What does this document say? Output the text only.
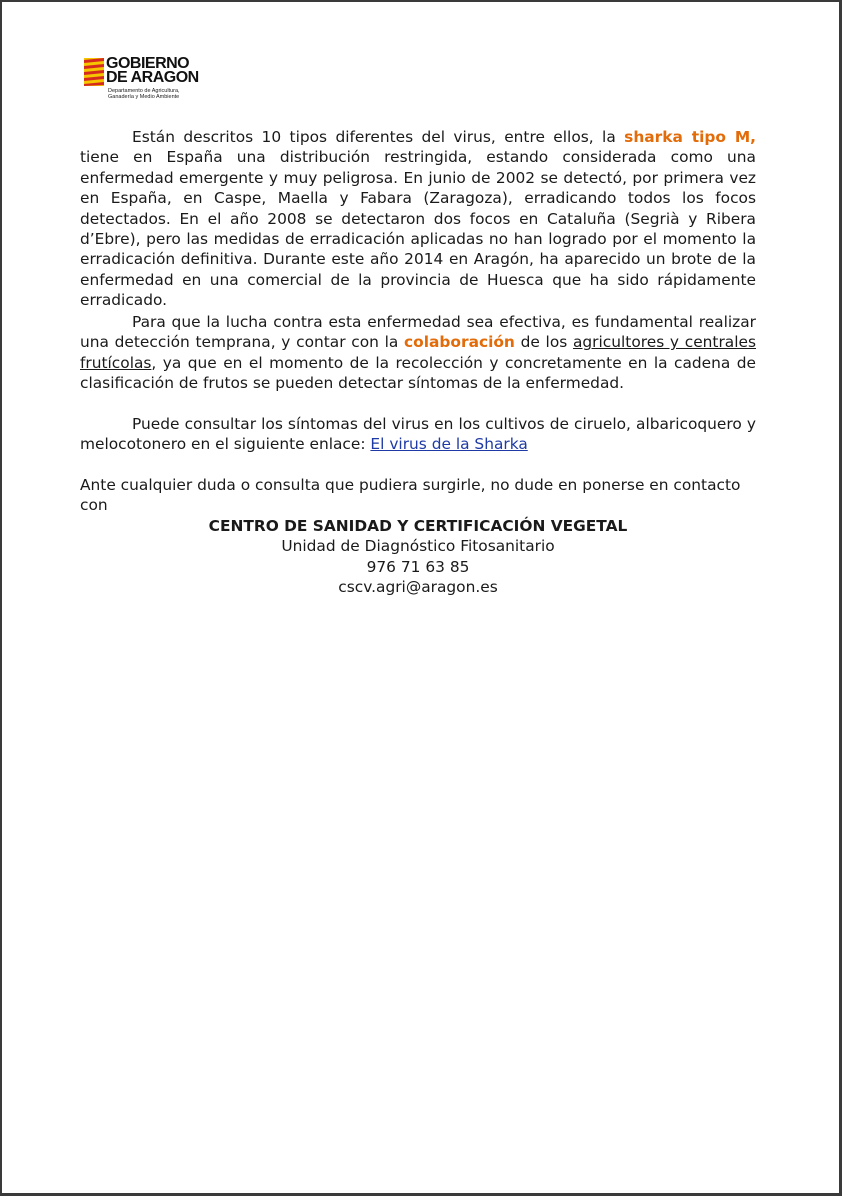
GOBIERNO
DE ARAGON
Departamento de Agricultura,
Ganadería y Medio Ambiente

Están descritos 10 tipos diferentes del virus, entre ellos, la sharka tipo M, tiene en España una distribución restringida, estando considerada como una enfermedad emergente y muy peligrosa. En junio de 2002 se detectó, por primera vez en España, en Caspe, Maella y Fabara (Zaragoza), erradicando todos los focos detectados. En el año 2008 se detectaron dos focos en Cataluña (Segrià y Ribera d’Ebre), pero las medidas de erradicación aplicadas no han logrado por el momento la erradicación definitiva. Durante este año 2014 en Aragón, ha aparecido un brote de la enfermedad en una comercial de la provincia de Huesca que ha sido rápidamente erradicado.

Para que la lucha contra esta enfermedad sea efectiva, es fundamental realizar una detección temprana, y contar con la colaboración de los agricultores y centrales frutícolas, ya que en el momento de la recolección y concretamente en la cadena de clasificación de frutos se pueden detectar síntomas de la enfermedad.

Puede consultar los síntomas del virus en los cultivos de ciruelo, albaricoquero y melocotonero en el siguiente enlace: El virus de la Sharka

Ante cualquier duda o consulta que pudiera surgirle, no dude en ponerse en contacto con

CENTRO DE SANIDAD Y CERTIFICACIÓN VEGETAL
Unidad de Diagnóstico Fitosanitario
976 71 63 85
cscv.agri@aragon.es
